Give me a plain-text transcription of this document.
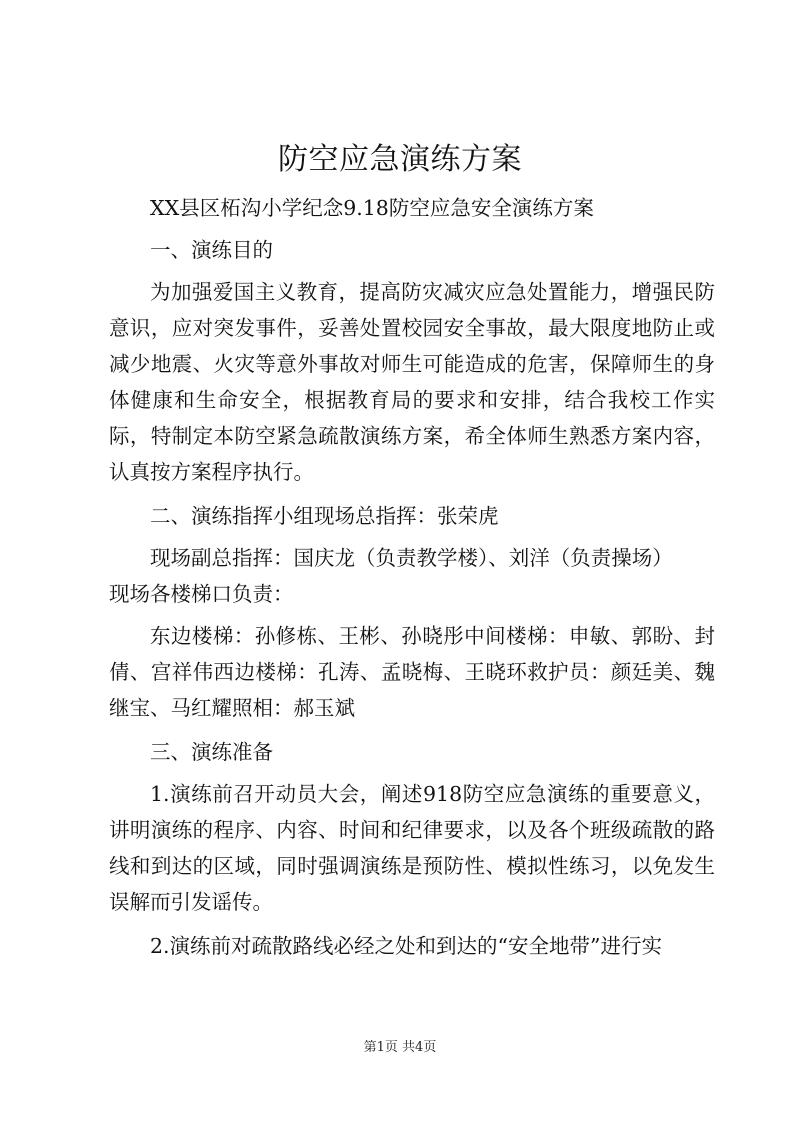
防空应急演练方案

XX县区柘沟小学纪念9.18防空应急安全演练方案

一、演练目的

为加强爱国主义教育，提高防灾减灾应急处置能力，增强民防意识，应对突发事件，妥善处置校园安全事故，最大限度地防止或减少地震、火灾等意外事故对师生可能造成的危害，保障师生的身体健康和生命安全，根据教育局的要求和安排，结合我校工作实际，特制定本防空紧急疏散演练方案，希全体师生熟悉方案内容，认真按方案程序执行。

二、演练指挥小组现场总指挥：张荣虎

现场副总指挥：国庆龙（负责教学楼）、刘洋（负责操场）

现场各楼梯口负责：

东边楼梯：孙修栋、王彬、孙晓彤中间楼梯：申敏、郭盼、封倩、宫祥伟西边楼梯：孔涛、孟晓梅、王晓环救护员：颜廷美、魏继宝、马红耀照相：郝玉斌

三、演练准备

1.演练前召开动员大会，阐述918防空应急演练的重要意义，讲明演练的程序、内容、时间和纪律要求，以及各个班级疏散的路线和到达的区域，同时强调演练是预防性、模拟性练习，以免发生误解而引发谣传。

2.演练前对疏散路线必经之处和到达的“安全地带”进行实

第1页 共4页
